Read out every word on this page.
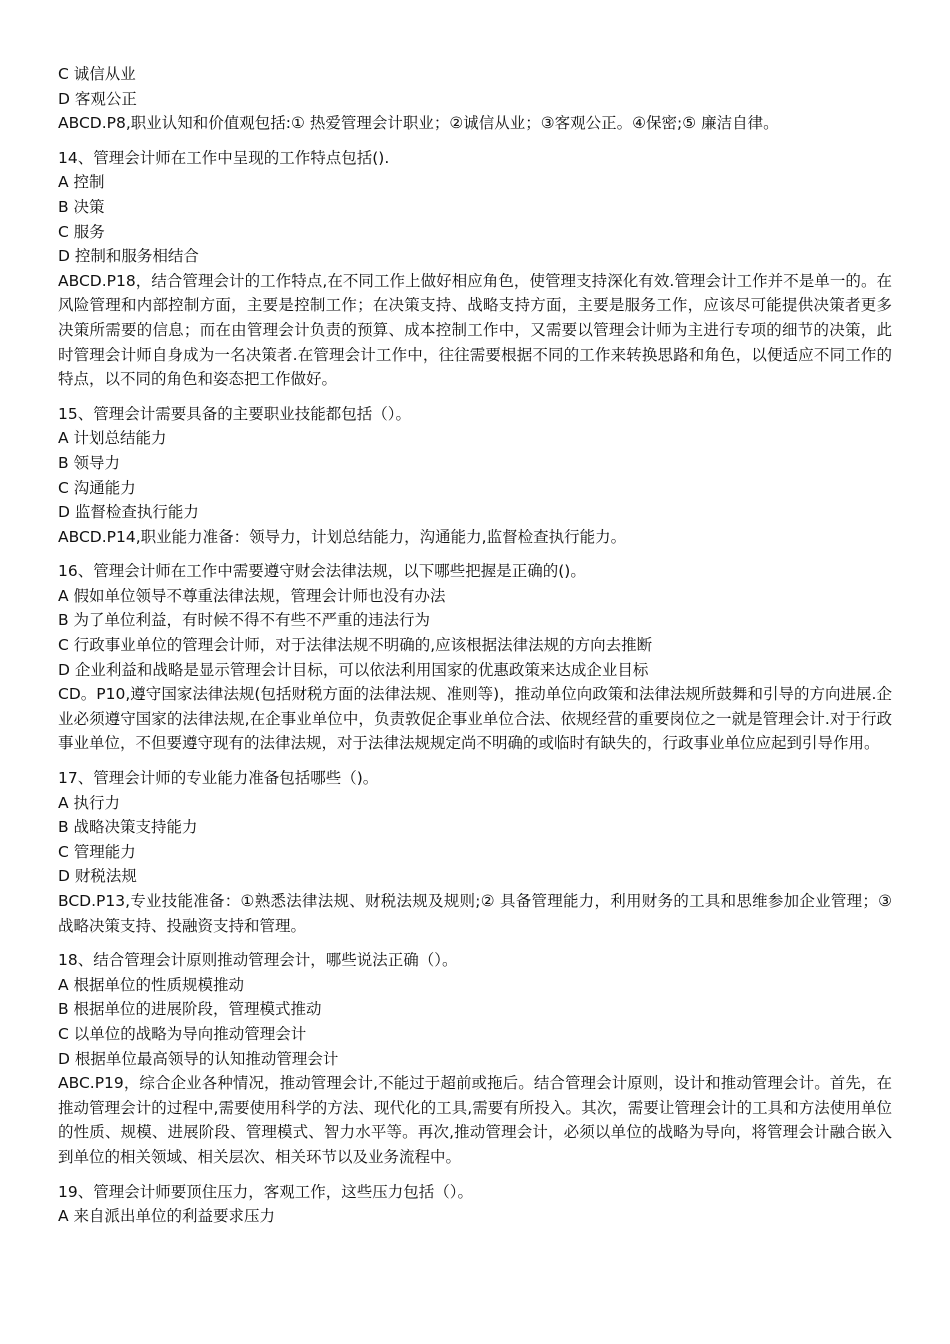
C 诚信从业
D 客观公正
ABCD.P8,职业认知和价值观包括:① 热爱管理会计职业；②诚信从业；③客观公正。④保密;⑤ 廉洁自律。
14、管理会计师在工作中呈现的工作特点包括().
A 控制
B 决策
C 服务
D 控制和服务相结合
ABCD.P18，结合管理会计的工作特点,在不同工作上做好相应角色，使管理支持深化有效.管理会计工作并不是单一的。在风险管理和内部控制方面，主要是控制工作；在决策支持、战略支持方面，主要是服务工作，应该尽可能提供决策者更多决策所需要的信息；而在由管理会计负责的预算、成本控制工作中，又需要以管理会计师为主进行专项的细节的决策，此时管理会计师自身成为一名决策者.在管理会计工作中，往往需要根据不同的工作来转换思路和角色，以便适应不同工作的特点，以不同的角色和姿态把工作做好。
15、管理会计需要具备的主要职业技能都包括（）。
A 计划总结能力
B 领导力
C 沟通能力
D 监督检查执行能力
ABCD.P14,职业能力准备：领导力，计划总结能力，沟通能力,监督检查执行能力。
16、管理会计师在工作中需要遵守财会法律法规，以下哪些把握是正确的()。
A 假如单位领导不尊重法律法规，管理会计师也没有办法
B 为了单位利益，有时候不得不有些不严重的违法行为
C 行政事业单位的管理会计师，对于法律法规不明确的,应该根据法律法规的方向去推断
D 企业利益和战略是显示管理会计目标，可以依法利用国家的优惠政策来达成企业目标
CD。P10,遵守国家法律法规(包括财税方面的法律法规、准则等)，推动单位向政策和法律法规所鼓舞和引导的方向进展.企业必须遵守国家的法律法规,在企事业单位中，负责敦促企事业单位合法、依规经营的重要岗位之一就是管理会计.对于行政事业单位，不但要遵守现有的法律法规，对于法律法规规定尚不明确的或临时有缺失的，行政事业单位应起到引导作用。
17、管理会计师的专业能力准备包括哪些（)。
A 执行力
B 战略决策支持能力
C 管理能力
D 财税法规
BCD.P13,专业技能准备：①熟悉法律法规、财税法规及规则;② 具备管理能力，利用财务的工具和思维参加企业管理；③战略决策支持、投融资支持和管理。
18、结合管理会计原则推动管理会计，哪些说法正确（）。
A 根据单位的性质规模推动
B 根据单位的进展阶段，管理模式推动
C 以单位的战略为导向推动管理会计
D 根据单位最高领导的认知推动管理会计
ABC.P19，综合企业各种情况，推动管理会计,不能过于超前或拖后。结合管理会计原则，设计和推动管理会计。首先，在推动管理会计的过程中,需要使用科学的方法、现代化的工具,需要有所投入。其次，需要让管理会计的工具和方法使用单位的性质、规模、进展阶段、管理模式、智力水平等。再次,推动管理会计，必须以单位的战略为导向，将管理会计融合嵌入到单位的相关领域、相关层次、相关环节以及业务流程中。
19、管理会计师要顶住压力，客观工作，这些压力包括（）。
A 来自派出单位的利益要求压力
